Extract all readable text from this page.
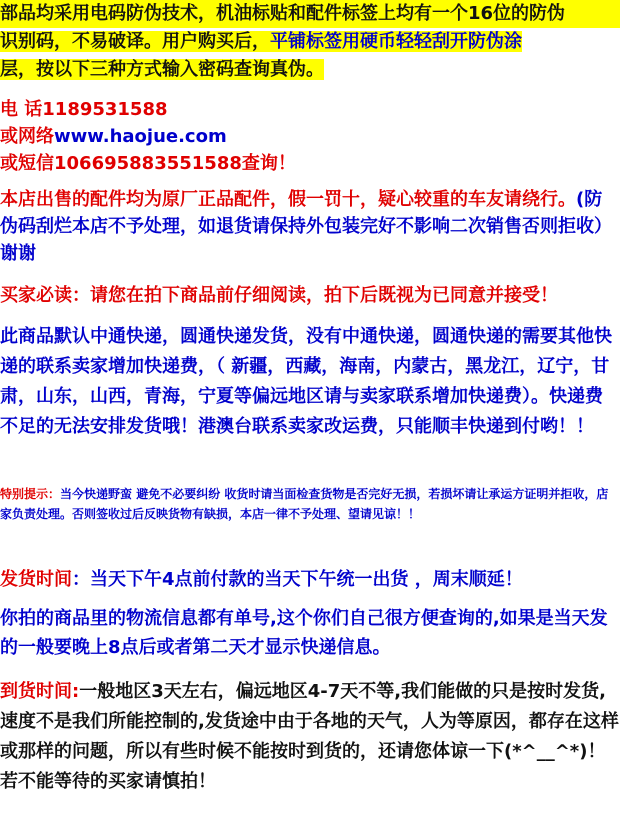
部品均采用电码防伪技术，机油标贴和配件标签上均有一个16位的防伪
识别码，不易破译。用户购买后，平铺标签用硬币轻轻刮开防伪涂
层，按以下三种方式输入密码查询真伪。
电 话1189531588
或网络www.haojue.com
或短信106695883551588查询！

本店出售的配件均为原厂正品配件，假一罚十，疑心较重的车友请绕行。(防伪码刮烂本店不予处理，如退货请保持外包装完好不影响二次销售否则拒收）谢谢

买家必读：请您在拍下商品前仔细阅读，拍下后既视为已同意并接受！

此商品默认中通快递，圆通快递发货，没有中通快递，圆通快递的需要其他快递的联系卖家增加快递费，（ 新疆，西藏，海南，内蒙古，黑龙江，辽宁，甘肃，山东，山西，青海，宁夏等偏远地区请与卖家联系增加快递费）。快递费不足的无法安排发货哦！港澳台联系卖家改运费，只能顺丰快递到付哟！！

特别提示：当今快递野蛮 避免不必要纠纷 收货时请当面检查货物是否完好无损，若损坏请让承运方证明并拒收，店家负责处理。否则签收过后反映货物有缺损，本店一律不予处理、望请见谅！！

发货时间：当天下午4点前付款的当天下午统一出货 ，周末顺延！

你拍的商品里的物流信息都有单号,这个你们自己很方便查询的,如果是当天发的一般要晚上8点后或者第二天才显示快递信息。

到货时间:一般地区3天左右，偏远地区4-7天不等,我们能做的只是按时发货,速度不是我们所能控制的,发货途中由于各地的天气，人为等原因，都存在这样或那样的问题，所以有些时候不能按时到货的，还请您体谅一下(*^__^*)！若不能等待的买家请慎拍！
